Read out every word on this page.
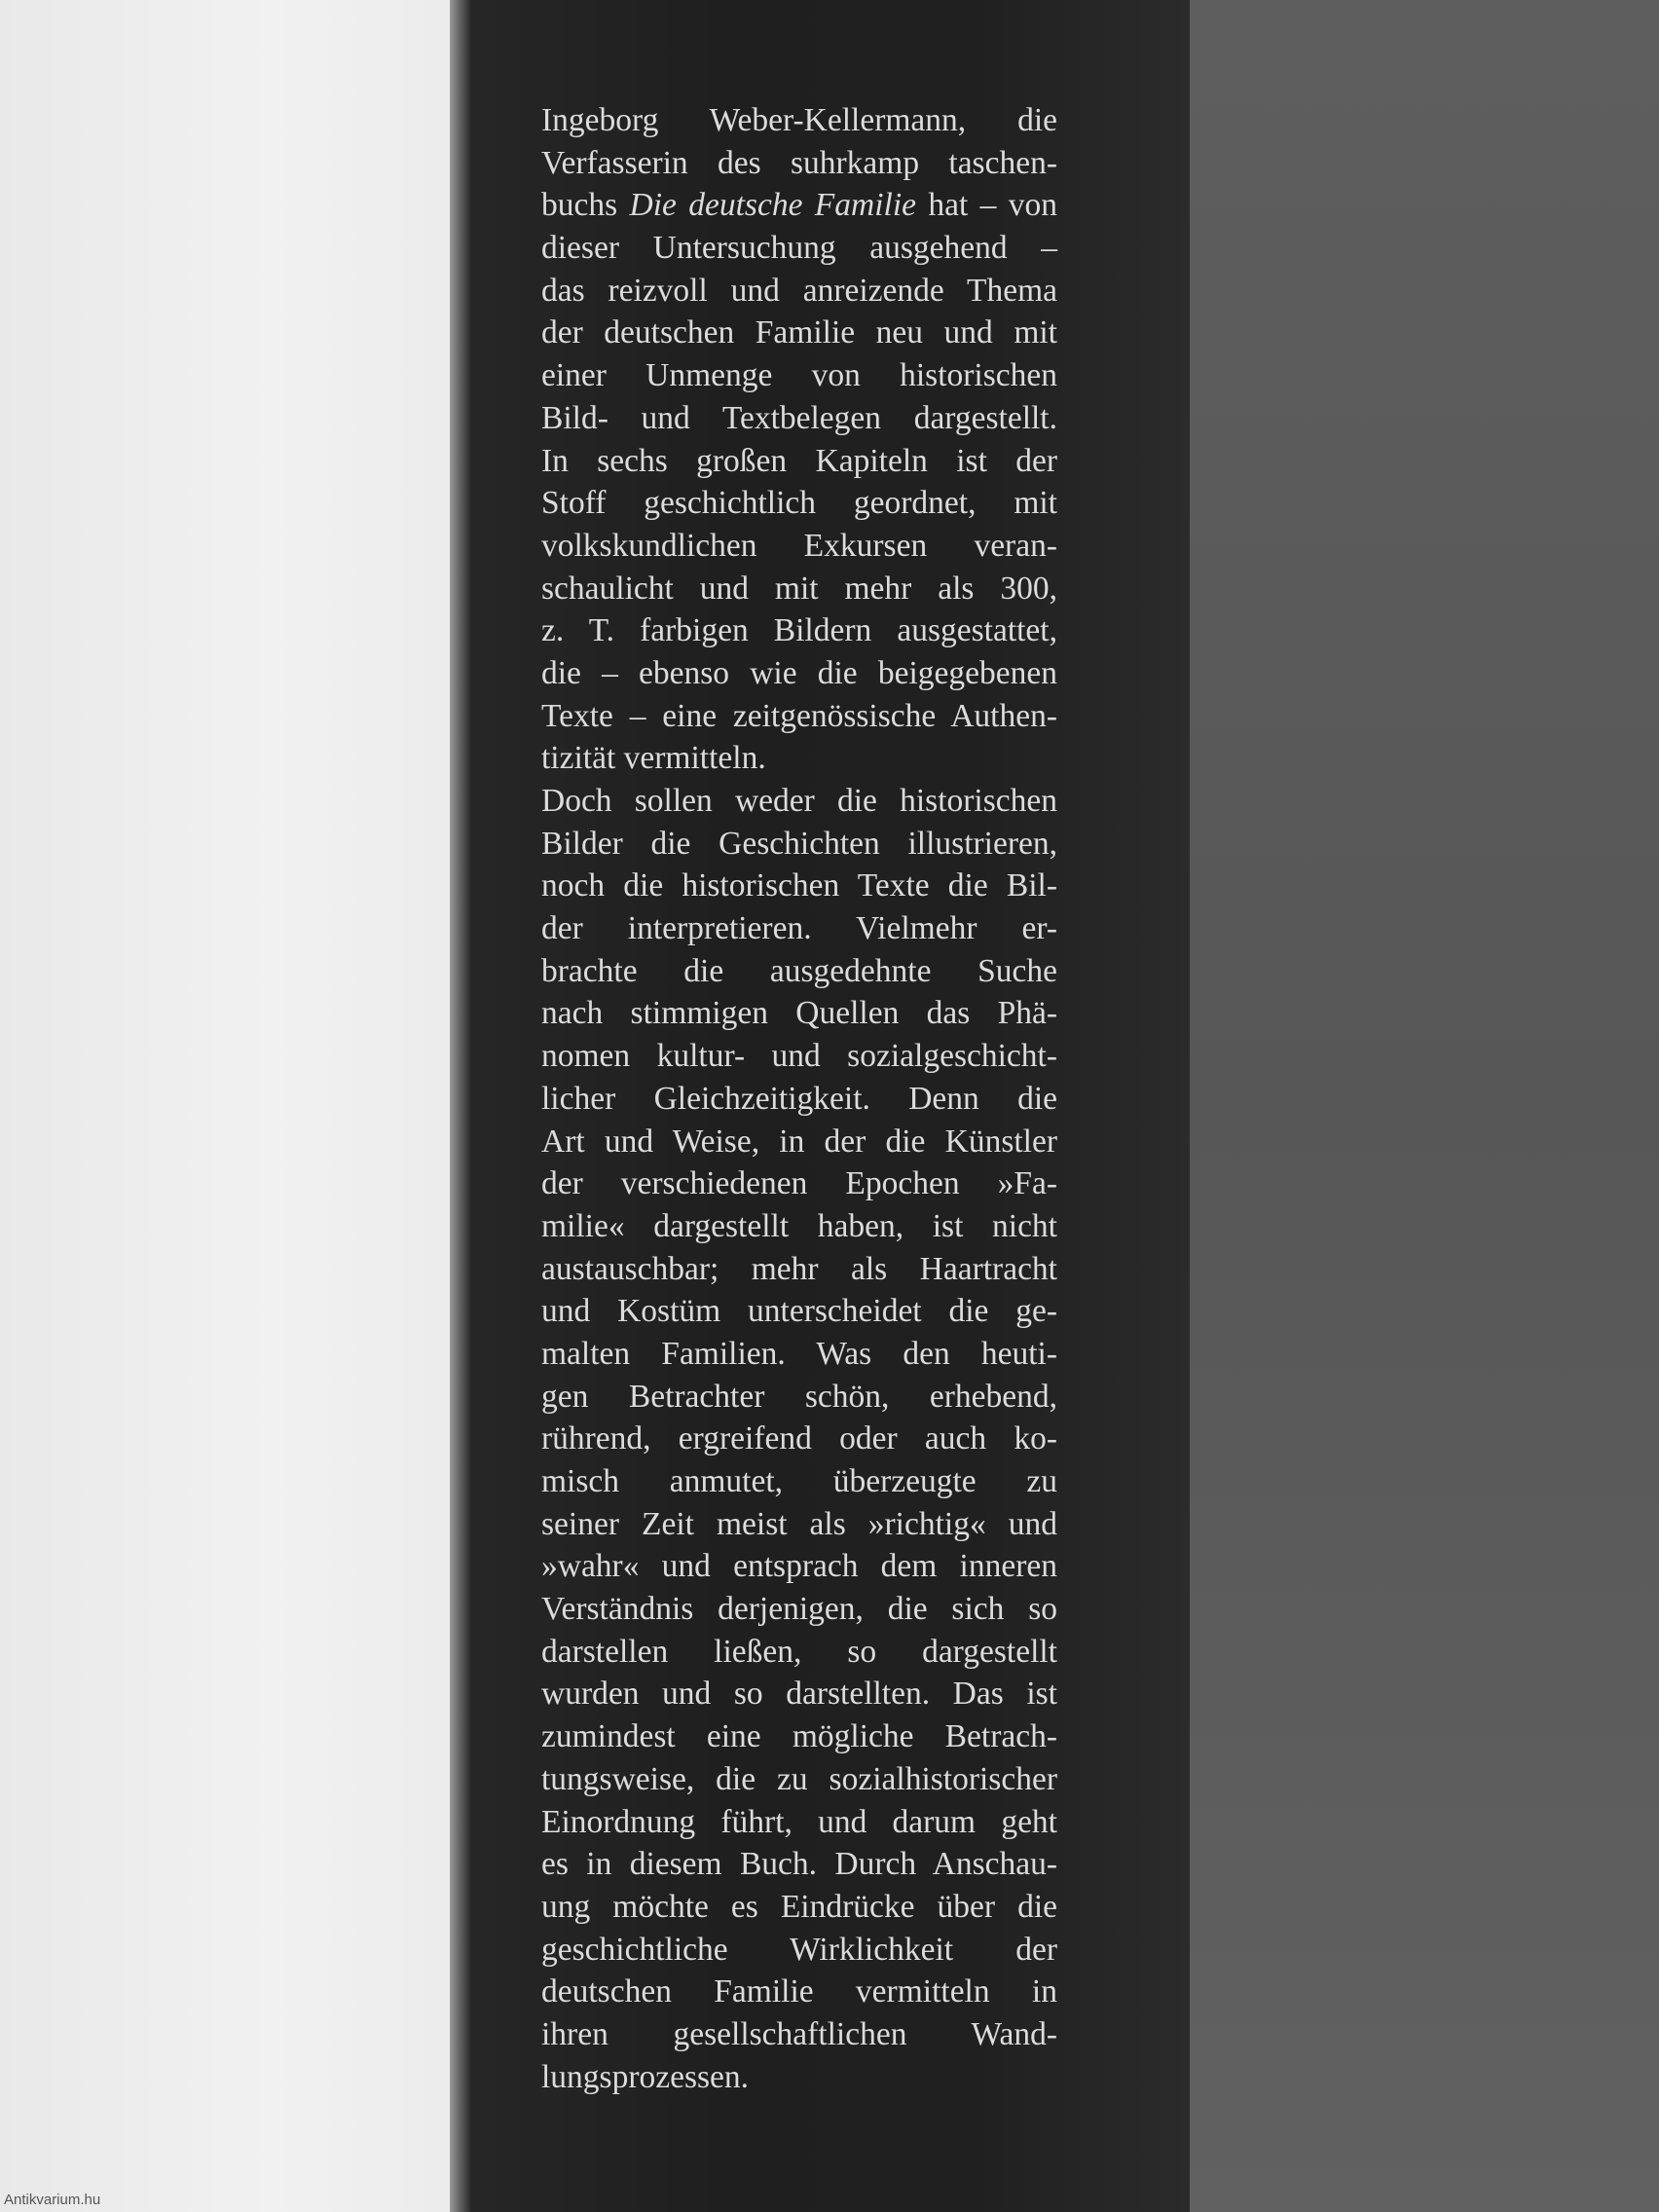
Ingeborg Weber-Kellermann, die
Verfasserin des suhrkamp taschen-
buchs Die deutsche Familie hat – von
dieser Untersuchung ausgehend –
das reizvoll und anreizende Thema
der deutschen Familie neu und mit
einer Unmenge von historischen
Bild- und Textbelegen dargestellt.
In sechs großen Kapiteln ist der
Stoff geschichtlich geordnet, mit
volkskundlichen Exkursen veran-
schaulicht und mit mehr als 300,
z. T. farbigen Bildern ausgestattet,
die – ebenso wie die beigegebenen
Texte – eine zeitgenössische Authen-
tizität vermitteln.
Doch sollen weder die historischen
Bilder die Geschichten illustrieren,
noch die historischen Texte die Bil-
der interpretieren. Vielmehr er-
brachte die ausgedehnte Suche
nach stimmigen Quellen das Phä-
nomen kultur- und sozialgeschicht-
licher Gleichzeitigkeit. Denn die
Art und Weise, in der die Künstler
der verschiedenen Epochen »Fa-
milie« dargestellt haben, ist nicht
austauschbar; mehr als Haartracht
und Kostüm unterscheidet die ge-
malten Familien. Was den heuti-
gen Betrachter schön, erhebend,
rührend, ergreifend oder auch ko-
misch anmutet, überzeugte zu
seiner Zeit meist als »richtig« und
»wahr« und entsprach dem inneren
Verständnis derjenigen, die sich so
darstellen ließen, so dargestellt
wurden und so darstellten. Das ist
zumindest eine mögliche Betrach-
tungsweise, die zu sozialhistorischer
Einordnung führt, und darum geht
es in diesem Buch. Durch Anschau-
ung möchte es Eindrücke über die
geschichtliche Wirklichkeit der
deutschen Familie vermitteln in
ihren gesellschaftlichen Wand-
lungsprozessen.
Antikvarium.hu
